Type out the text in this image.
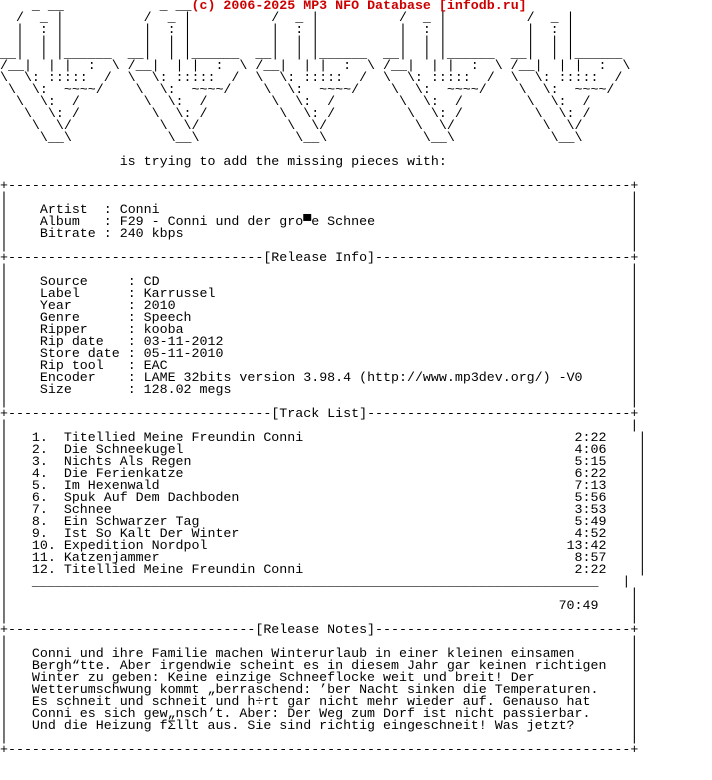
_ __            _ __(c) 2006-2025 MP3 NFO Database [infodb.ru]
/  _ |          /  _ |          /  _ |          /  _ |          /  _ |
|  : |          |  : |          |  : |          |  : |          |  : |
|  | |          |  | |          |  | |          |  | |          |  | |
__|  | |______  __|  | |______  __|  | |______  __|  | |______  __|  | |______
/__|  | |  :  \ /__|  | |  :  \ /__|  | |  :  \ /__|  | |  :  \ /__|  | |  :  \
\  \: :::::  /  \  \: :::::  /  \  \: :::::  /  \  \: :::::  /  \  \: :::::  /
\  \:  ~~~~/    \  \:  ~~~~/    \  \:  ~~~~/    \  \:  ~~~~/    \  \:  ~~~~/
\  \:  /        \  \:  /        \  \:  /        \  \:  /        \  \:  /
\  \: /         \  \: /         \  \: /         \  \: /         \  \: /
\  \/           \  \/           \  \/           \  \/           \  \/
\__\            \__\            \__\            \__\            \__\

is trying to add the missing pieces with:

+------------------------------------------------------------------------------+
|                                                                              |
|    Artist  : Conni                                                           |
|    Album   : F29 - Conni und der gro▀e Schnee                                |
|    Bitrate : 240 kbps                                                        |
|                                                                              |
+--------------------------------[Release Info]--------------------------------+
|                                                                              |
|    Source     : CD                                                           |
|    Label      : Karrussel                                                    |
|    Year       : 2010                                                         |
|    Genre      : Speech                                                       |
|    Ripper     : kooba                                                        |
|    Rip date   : 03-11-2012                                                   |
|    Store date : 05-11-2010                                                   |
|    Rip tool   : EAC                                                          |
|    Encoder    : LAME 32bits version 3.98.4 (http://www.mp3dev.org/) -V0      |
|    Size       : 128.02 megs                                                  |
|                                                                              |
+---------------------------------[Track List]---------------------------------+
|                                                                              |
|   1.  Titellied Meine Freundin Conni	2:22    |
|   2.  Die Schneekugel	4:06    |
|   3.  Nichts Als Regen	5:15    |
|   4.  Die Ferienkatze	6:22    |
|   5.  Im Hexenwald	7:13    |
|   6.  Spuk Auf Dem Dachboden	5:56    |
|   7.  Schnee	3:53    |
|   8.  Ein Schwarzer Tag	5:49    |
|   9.  Ist So Kalt Der Winter	4:52    |
|   10. Expedition Nordpol	13:42    |
|   11. Katzenjammer	8:57    |
|   12. Titellied Meine Freundin Conni	2:22    |
|   _______________________________________________________________________   |
|                                                                              |
|                                                                     70:49    |
|                                                                              |
+-------------------------------[Release Notes]--------------------------------+
|                                                                              |
|   Conni und ihre Familie machen Winterurlaub in einer kleinen einsamen       |
|   Bergh“tte. Aber irgendwie scheint es in diesem Jahr gar keinen richtigen   |
|   Winter zu geben: Keine einzige Schneeflocke weit und breit! Der            |
|   Wetterumschwung kommt „berraschend: ’ber Nacht sinken die Temperaturen.    |
|   Es schneit und schneit und h÷rt gar nicht mehr wieder auf. Genauso hat     |
|   Conni es sich gew„nsch’t. Aber: Der Weg zum Dorf ist nicht passierbar.     |
|   Und die Heizung fΣllt aus. Sie sind richtig eingeschneit! Was jetzt?       |
|                                                                              |
+------------------------------------------------------------------------------+
